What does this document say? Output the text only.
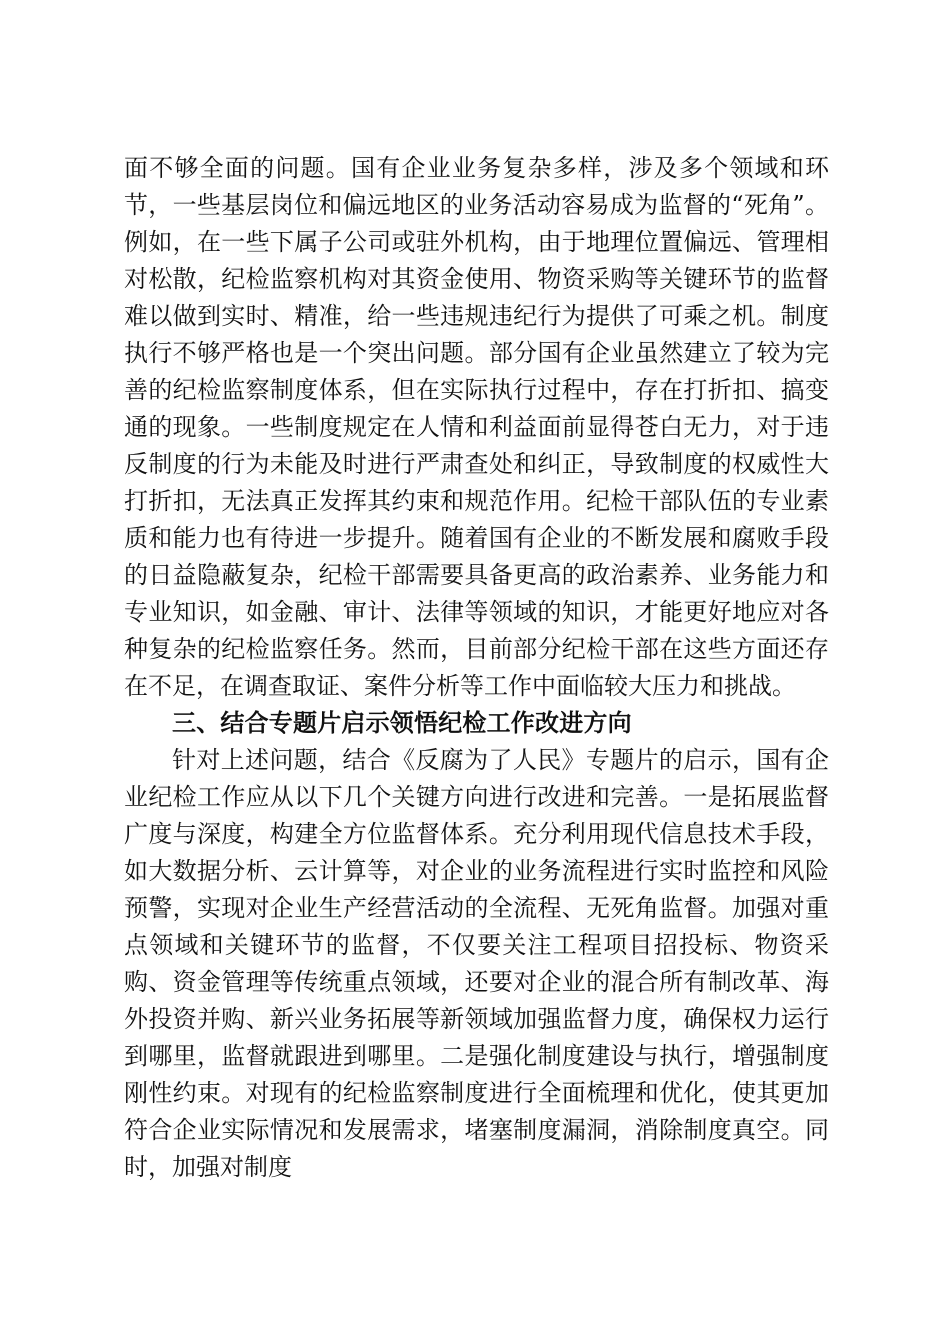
面不够全面的问题。国有企业业务复杂多样，涉及多个领域和环节，一些基层岗位和偏远地区的业务活动容易成为监督的“死角”。例如，在一些下属子公司或驻外机构，由于地理位置偏远、管理相对松散，纪检监察机构对其资金使用、物资采购等关键环节的监督难以做到实时、精准，给一些违规违纪行为提供了可乘之机。制度执行不够严格也是一个突出问题。部分国有企业虽然建立了较为完善的纪检监察制度体系，但在实际执行过程中，存在打折扣、搞变通的现象。一些制度规定在人情和利益面前显得苍白无力，对于违反制度的行为未能及时进行严肃查处和纠正，导致制度的权威性大打折扣，无法真正发挥其约束和规范作用。纪检干部队伍的专业素质和能力也有待进一步提升。随着国有企业的不断发展和腐败手段的日益隐蔽复杂，纪检干部需要具备更高的政治素养、业务能力和专业知识，如金融、审计、法律等领域的知识，才能更好地应对各种复杂的纪检监察任务。然而，目前部分纪检干部在这些方面还存在不足，在调查取证、案件分析等工作中面临较大压力和挑战。

三、结合专题片启示领悟纪检工作改进方向

针对上述问题，结合《反腐为了人民》专题片的启示，国有企业纪检工作应从以下几个关键方向进行改进和完善。一是拓展监督广度与深度，构建全方位监督体系。充分利用现代信息技术手段，如大数据分析、云计算等，对企业的业务流程进行实时监控和风险预警，实现对企业生产经营活动的全流程、无死角监督。加强对重点领域和关键环节的监督，不仅要关注工程项目招投标、物资采购、资金管理等传统重点领域，还要对企业的混合所有制改革、海外投资并购、新兴业务拓展等新领域加强监督力度，确保权力运行到哪里，监督就跟进到哪里。二是强化制度建设与执行，增强制度刚性约束。对现有的纪检监察制度进行全面梳理和优化，使其更加符合企业实际情况和发展需求，堵塞制度漏洞，消除制度真空。同时，加强对制度
